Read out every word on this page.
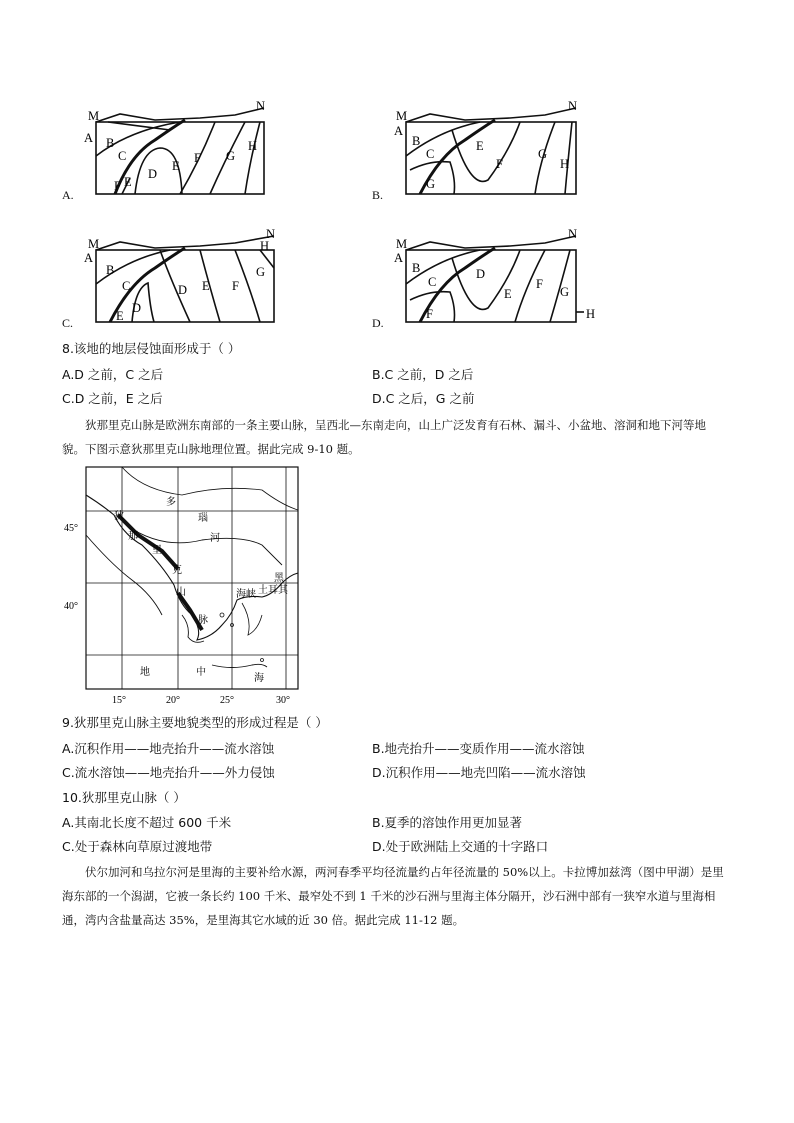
M
N
A B
C
D
E
F G
H
F E
A.
M
N
A
B
C
E
F
G
H
G
B.
M
N
H
A
B
C	D E F
G
E
D
C.
M
N
A
B
C
D
E
F
G
F	H
D.
8.该地的地层侵蚀面形成于（ ）
A.D 之前，C 之后	B.C 之前，D 之后
C.D 之前，E 之后	D.C 之后，G 之前
狄那里克山脉是欧洲东南部的一条主要山脉，呈西北—东南走向，山上广泛发育有石林、漏斗、小盆地、溶洞和地下河等地貌。下图示意狄那里克山脉地理位置。据此完成 9-10 题。
45°
40°
15°	20°	25°	30°
狄
那
里
克
山
脉
多
瑙
河
地	中
海
黑
海峡 土耳其
9.狄那里克山脉主要地貌类型的形成过程是（ ）
A.沉积作用——地壳抬升——流水溶蚀	B.地壳抬升——变质作用——流水溶蚀
C.流水溶蚀——地壳抬升——外力侵蚀	D.沉积作用——地壳凹陷——流水溶蚀
10.狄那里克山脉（ ）
A.其南北长度不超过 600 千米	B.夏季的溶蚀作用更加显著
C.处于森林向草原过渡地带	D.处于欧洲陆上交通的十字路口
伏尔加河和乌拉尔河是里海的主要补给水源，两河春季平均径流量约占年径流量的 50%以上。卡拉博加兹湾（图中甲湖）是里海东部的一个潟湖，它被一条长约 100 千米、最窄处不到 1 千米的沙石洲与里海主体分隔开，沙石洲中部有一狭窄水道与里海相通，湾内含盐量高达 35%，是里海其它水域的近 30 倍。据此完成 11-12 题。
